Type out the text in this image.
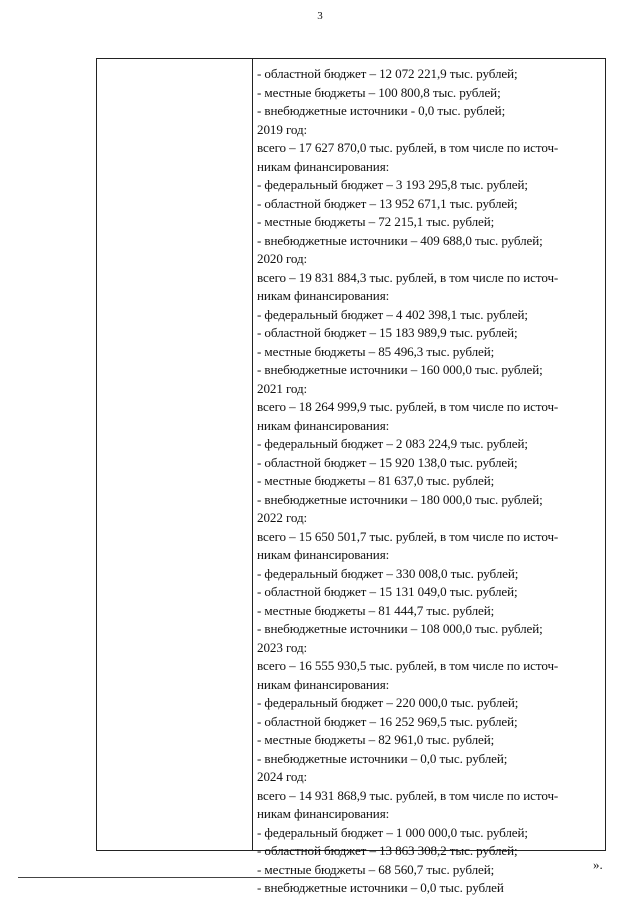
3
- областной бюджет – 12 072 221,9 тыс. рублей;
- местные бюджеты – 100 800,8 тыс. рублей;
- внебюджетные источники - 0,0 тыс. рублей;
2019 год:
всего – 17 627 870,0 тыс. рублей, в том числе по источ-
никам финансирования:
- федеральный бюджет – 3 193 295,8 тыс. рублей;
- областной бюджет – 13 952 671,1 тыс. рублей;
- местные бюджеты – 72 215,1 тыс. рублей;
- внебюджетные источники – 409 688,0 тыс. рублей;
2020 год:
всего – 19 831 884,3 тыс. рублей, в том числе по источ-
никам финансирования:
- федеральный бюджет – 4 402 398,1 тыс. рублей;
- областной бюджет – 15 183 989,9 тыс. рублей;
- местные бюджеты – 85 496,3 тыс. рублей;
- внебюджетные источники – 160 000,0 тыс. рублей;
2021 год:
всего – 18 264 999,9 тыс. рублей, в том числе по источ-
никам финансирования:
- федеральный бюджет – 2 083 224,9 тыс. рублей;
- областной бюджет – 15 920 138,0 тыс. рублей;
- местные бюджеты – 81 637,0 тыс. рублей;
- внебюджетные источники – 180 000,0 тыс. рублей;
2022 год:
всего – 15 650 501,7 тыс. рублей, в том числе по источ-
никам финансирования:
- федеральный бюджет – 330 008,0 тыс. рублей;
- областной бюджет – 15 131 049,0 тыс. рублей;
- местные бюджеты – 81 444,7 тыс. рублей;
- внебюджетные источники – 108 000,0 тыс. рублей;
2023 год:
всего – 16 555 930,5 тыс. рублей, в том числе по источ-
никам финансирования:
- федеральный бюджет – 220 000,0 тыс. рублей;
- областной бюджет – 16 252 969,5 тыс. рублей;
- местные бюджеты – 82 961,0 тыс. рублей;
- внебюджетные источники – 0,0 тыс. рублей;
2024 год:
всего – 14 931 868,9 тыс. рублей, в том числе по источ-
никам финансирования:
- федеральный бюджет – 1 000 000,0 тыс. рублей;
- областной бюджет – 13 863 308,2 тыс. рублей;
- местные бюджеты – 68 560,7 тыс. рублей;
- внебюджетные источники – 0,0 тыс. рублей
».
